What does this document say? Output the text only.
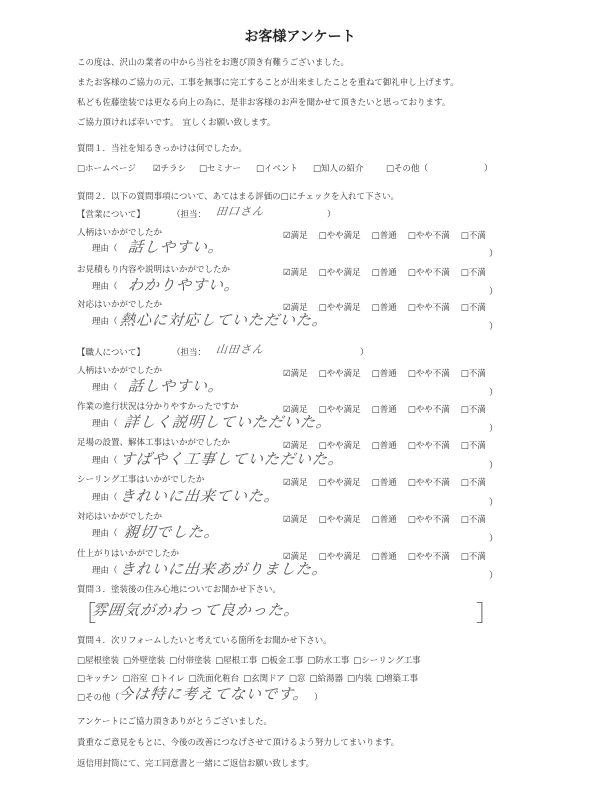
お客様アンケート
この度は、沢山の業者の中から当社をお選び頂き有難うございました。
またお客様のご協力の元、工事を無事に完工することが出来ましたことを重ねて御礼申し上げます。
私ども佐藤塗装では更なる向上の為に、是非お客様のお声を聞かせて頂きたいと思っております。
ご協力頂ければ幸いです。　宜しくお願い致します。
質問１．当社を知るきっかけは何でしたか。
□ホームページ ☑チラシ □セミナー □イベント □知人の紹介	□その他（	）
質問２．以下の質問事項について、あてはまる評価の□にチェックを入れて下さい。
【営業について】	（担当： 田口さん	）
人柄はいかがでしたか	☑満足 □やや満足 □普通 □やや不満 □不満
理由（ 話しやすい。	）
お見積もり内容や説明はいかがでしたか	☑満足 □やや満足 □普通 □やや不満 □不満
理由（ わかりやすい。	）
対応はいかがでしたか	☑満足 □やや満足 □普通 □やや不満 □不満
理由（ 熱心に対応していただいた。	）
【職人について】	（担当： 山田さん	）
人柄はいかがでしたか	☑満足 □やや満足 □普通 □やや不満 □不満
理由（ 話しやすい。	）
作業の進行状況は分かりやすかったですか	☑満足 □やや満足 □普通 □やや不満 □不満
理由（ 詳しく説明していただいた。	）
足場の設置、解体工事はいかがでしたか	☑満足 □やや満足 □普通 □やや不満 □不満
理由（ すばやく工事していただいた。	）
シーリング工事はいかがでしたか	☑満足 □やや満足 □普通 □やや不満 □不満
理由（ きれいに出来ていた。	）
対応はいかがでしたか	☑満足 □やや満足 □普通 □やや不満 □不満
理由（ 親切でした。	）
仕上がりはいかがでしたか	☑満足 □やや満足 □普通 □やや不満 □不満
理由（ きれいに出来あがりました。	）
質問３．塗装後の住み心地についてお聞かせ下さい。
［
雰囲気がかわって良かった。	］
質問４．次リフォームしたいと考えている箇所をお聞かせ下さい。
□屋根塗装 □外壁塗装 □付帯塗装 □屋根工事 □板金工事 □防水工事 □シーリング工事
□キッチン □浴室 □トイレ □洗面化粧台 □玄関ドア □窓 □給湯器 □内装 □増築工事
□その他（
今は特に考えてないです。 ）
アンケートにご協力頂きありがとうございました。
貴重なご意見をもとに、今後の改善につなげさせて頂けるよう努力してまいります。
返信用封筒にて、完工同意書と一緒にご返信お願い致します。
